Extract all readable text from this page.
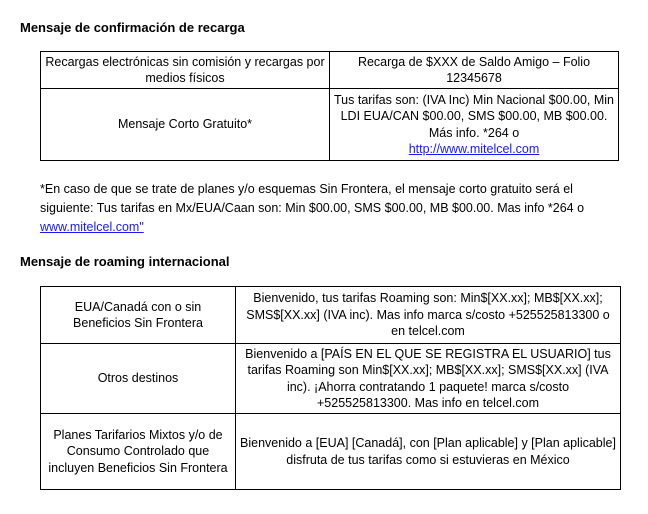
Mensaje de confirmación de recarga
Recargas electrónicas sin comisión y recargas por medios físicos	Recarga de $XXX de Saldo Amigo – Folio 12345678
Mensaje Corto Gratuito*	Tus tarifas son: (IVA Inc) Min Nacional $00.00, Min LDI EUA/CAN $00.00, SMS $00.00, MB $00.00. Más info. *264 o
http://www.mitelcel.com
*En caso de que se trate de planes y/o esquemas Sin Frontera, el mensaje corto gratuito será el siguiente: Tus tarifas en Mx/EUA/Caan son: Min $00.00, SMS $00.00, MB $00.00. Mas info *264 o www.mitelcel.com"
Mensaje de roaming internacional
EUA/Canadá con o sin Beneficios Sin Frontera	Bienvenido, tus tarifas Roaming son: Min$[XX.xx]; MB$[XX.xx]; SMS$[XX.xx] (IVA inc). Mas info marca s/costo +525525813300 o en telcel.com
Otros destinos	Bienvenido a [PAÍS EN EL QUE SE REGISTRA EL USUARIO] tus tarifas Roaming son Min$[XX.xx]; MB$[XX.xx]; SMS$[XX.xx] (IVA inc). ¡Ahorra contratando 1 paquete! marca s/costo +525525813300. Mas info en telcel.com
Planes Tarifarios Mixtos y/o de Consumo Controlado que incluyen Beneficios Sin Frontera	Bienvenido a [EUA] [Canadá], con [Plan aplicable] y [Plan aplicable] disfruta de tus tarifas como si estuvieras en México
